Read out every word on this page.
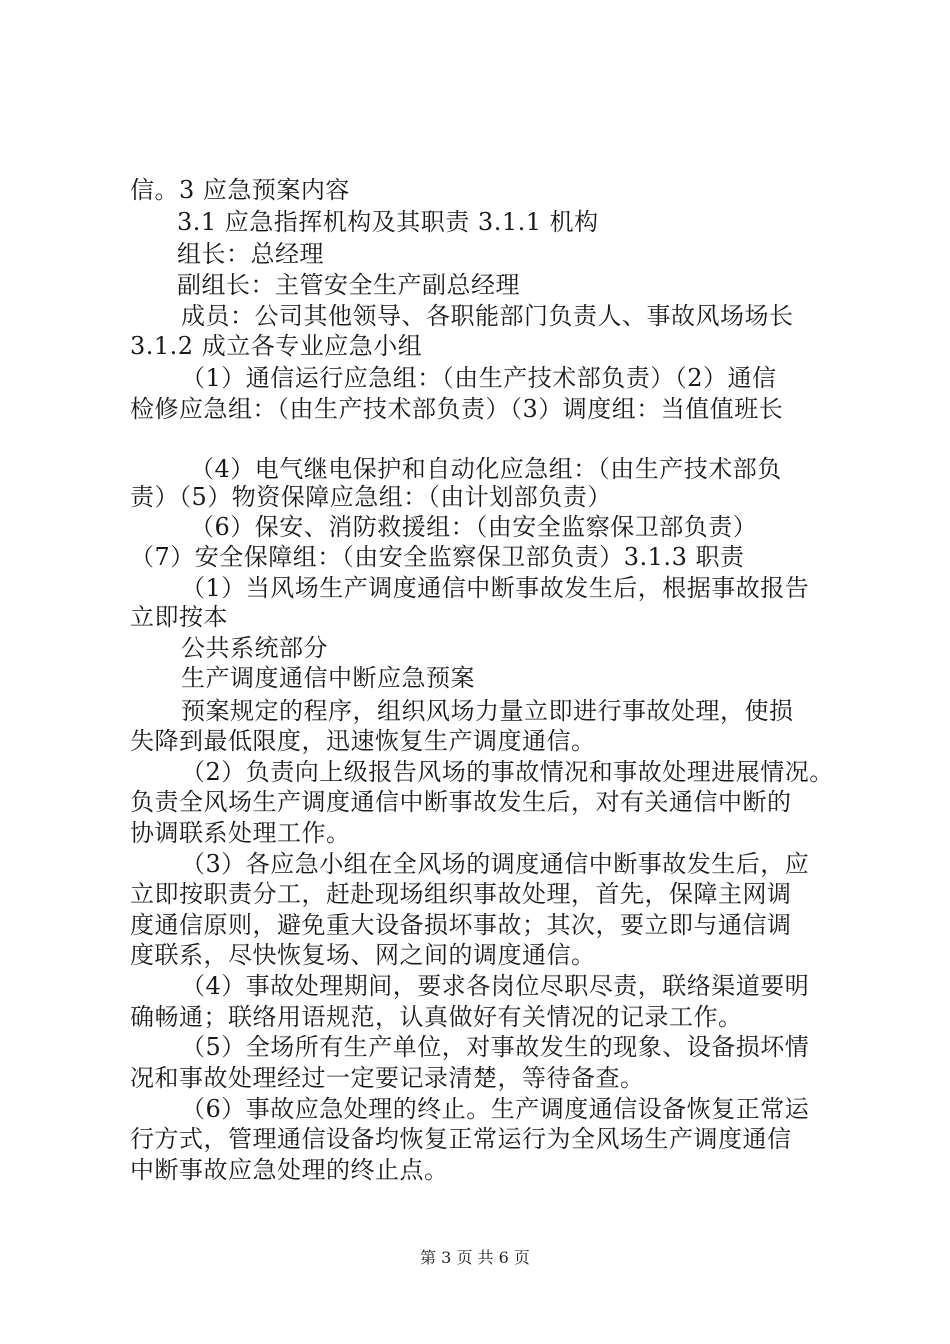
信。3 应急预案内容
3.1 应急指挥机构及其职责 3.1.1 机构
组长：总经理
副组长：主管安全生产副总经理
成员：公司其他领导、各职能部门负责人、事故风场场长
3.1.2 成立各专业应急小组
（1）通信运行应急组：（由生产技术部负责）（2）通信
检修应急组：（由生产技术部负责）（3）调度组：当值值班长
（4）电气继电保护和自动化应急组：（由生产技术部负
责）（5）物资保障应急组：（由计划部负责）
（6）保安、消防救援组：（由安全监察保卫部负责）
（7）安全保障组：（由安全监察保卫部负责）3.1.3 职责
（1）当风场生产调度通信中断事故发生后，根据事故报告
立即按本
公共系统部分
生产调度通信中断应急预案
预案规定的程序，组织风场力量立即进行事故处理，使损
失降到最低限度，迅速恢复生产调度通信。
（2）负责向上级报告风场的事故情况和事故处理进展情况。
负责全风场生产调度通信中断事故发生后，对有关通信中断的
协调联系处理工作。
（3）各应急小组在全风场的调度通信中断事故发生后，应
立即按职责分工，赶赴现场组织事故处理，首先，保障主网调
度通信原则，避免重大设备损坏事故；其次，要立即与通信调
度联系，尽快恢复场、网之间的调度通信。
（4）事故处理期间，要求各岗位尽职尽责，联络渠道要明
确畅通；联络用语规范，认真做好有关情况的记录工作。
（5）全场所有生产单位，对事故发生的现象、设备损坏情
况和事故处理经过一定要记录清楚，等待备查。
（6）事故应急处理的终止。生产调度通信设备恢复正常运
行方式，管理通信设备均恢复正常运行为全风场生产调度通信
中断事故应急处理的终止点。
第 3 页 共 6 页
